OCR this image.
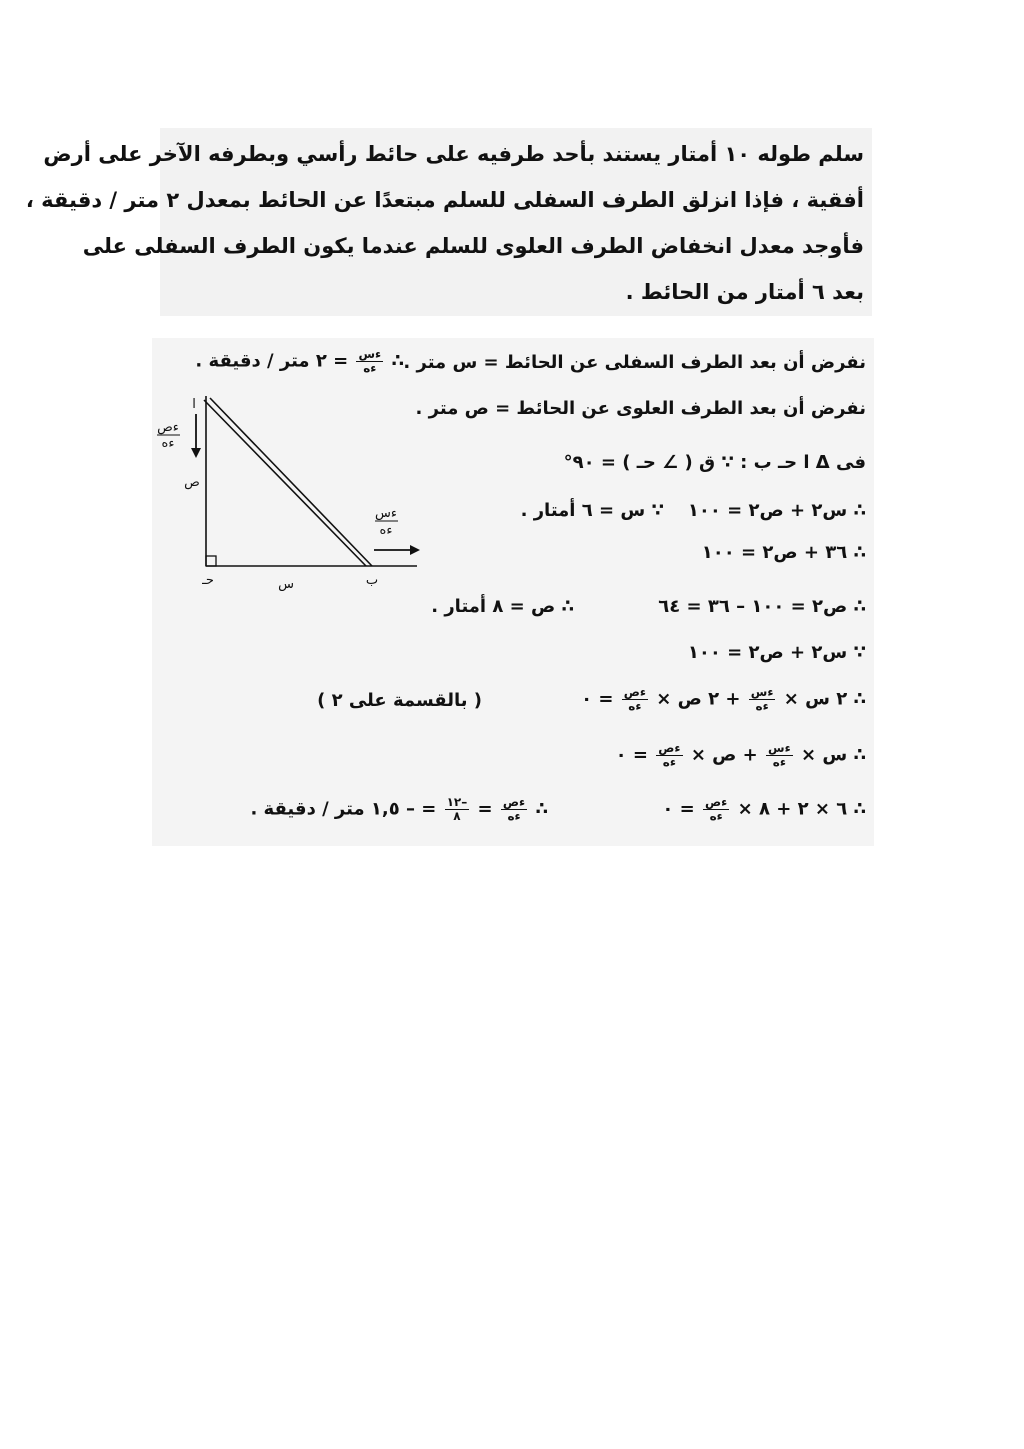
سلم طوله ١٠ أمتار يستند بأحد طرفيه على حائط رأسي وبطرفه الآخر على أرض
أفقية ، فإذا انزلق الطرف السفلى للسلم مبتعدًا عن الحائط بمعدل ٢ متر / دقيقة ،
فأوجد معدل انخفاض الطرف العلوى للسلم عندما يكون الطرف السفلى على
بعد ٦ أمتار من الحائط .
نفرض أن بعد الطرف السفلى عن الحائط = س متر .
∴
$\frac{\text{ءس}}{\text{ءه}}$
= ٢ متر / دقيقة .
نفرض أن بعد الطرف العلوى عن الحائط = ص متر .
فى Δ ا حـ ب : ∵ ق ( ∠ حـ ) = ٩٠°
∴ س٢ + ص٢ = ١٠٠
∵ س = ٦ أمتار .
∴ ٣٦ + ص٢ = ١٠٠
∴ ص٢ = ١٠٠ – ٣٦ = ٦٤
∴ ص = ٨ أمتار .
∵ س٢ + ص٢ = ١٠٠
∴ ٢ س ×
$\frac{\text{ءس}}{\text{ءه}}$
+ ٢ ص ×
$\frac{\text{ءص}}{\text{ءه}}$
= ٠
( بالقسمة على ٢ )
∴ س ×
$\frac{\text{ءس}}{\text{ءه}}$
+ ص ×
$\frac{\text{ءص}}{\text{ءه}}$
= ٠
∴ ٦ × ٢ + ٨ ×
$\frac{\text{ءص}}{\text{ءه}}$
= ٠
∴
$\frac{\text{ءص}}{\text{ءه}}$
=
$\frac{-١٢}{٨}$
= – ١,٥ متر / دقيقة .
ءص
ءه
ءس
ءه
ا
ص
حـ	س	ب
